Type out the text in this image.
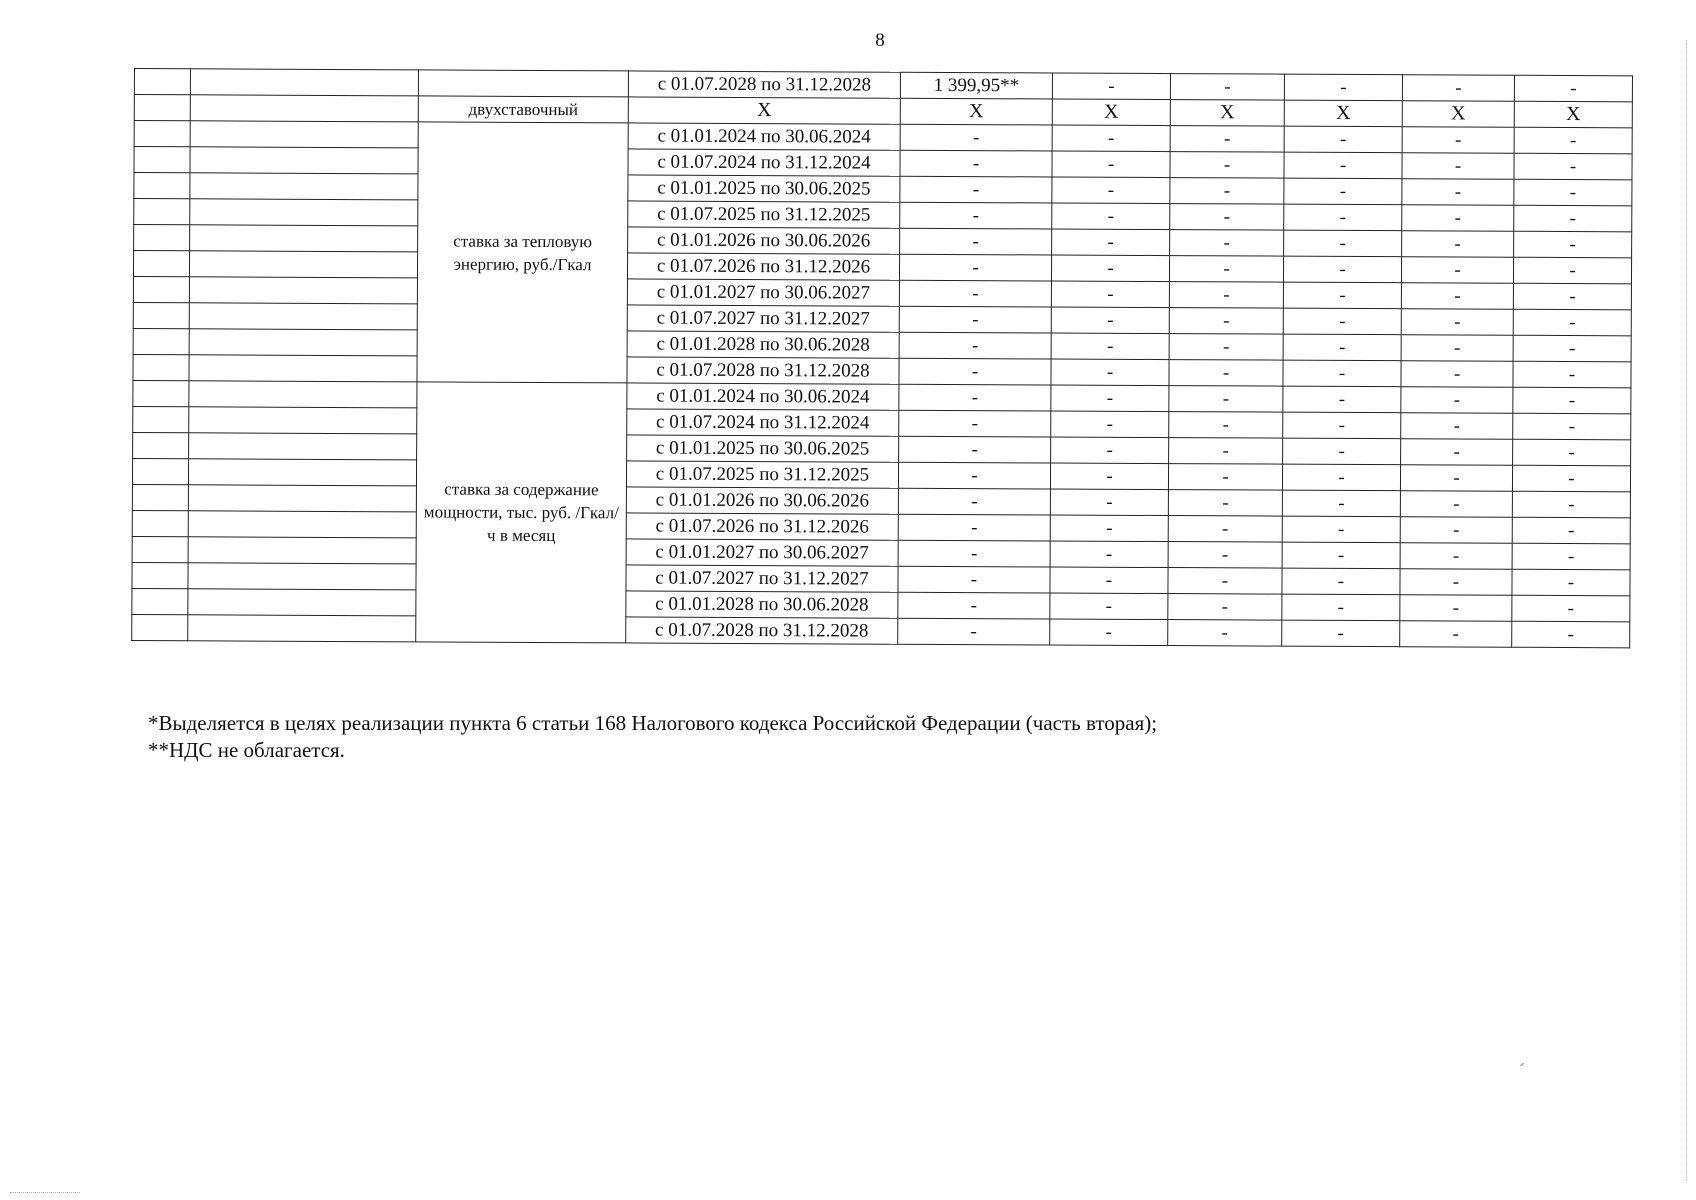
8
			с 01.07.2028 по 31.12.2028	1 399,95**	-	-	-	-	-
		двухставочный	Х	Х	Х	Х	Х	Х	Х
		ставка за тепловую энергию, руб./Гкал	с 01.01.2024 по 30.06.2024	-	-	-	-	-	-
			с 01.07.2024 по 31.12.2024	-	-	-	-	-	-
			с 01.01.2025 по 30.06.2025	-	-	-	-	-	-
			с 01.07.2025 по 31.12.2025	-	-	-	-	-	-
			с 01.01.2026 по 30.06.2026	-	-	-	-	-	-
			с 01.07.2026 по 31.12.2026	-	-	-	-	-	-
			с 01.01.2027 по 30.06.2027	-	-	-	-	-	-
			с 01.07.2027 по 31.12.2027	-	-	-	-	-	-
			с 01.01.2028 по 30.06.2028	-	-	-	-	-	-
			с 01.07.2028 по 31.12.2028	-	-	-	-	-	-
		ставка за содержание мощности, тыс. руб. /Гкал/ч в месяц	с 01.01.2024 по 30.06.2024	-	-	-	-	-	-
			с 01.07.2024 по 31.12.2024	-	-	-	-	-	-
			с 01.01.2025 по 30.06.2025	-	-	-	-	-	-
			с 01.07.2025 по 31.12.2025	-	-	-	-	-	-
			с 01.01.2026 по 30.06.2026	-	-	-	-	-	-
			с 01.07.2026 по 31.12.2026	-	-	-	-	-	-
			с 01.01.2027 по 30.06.2027	-	-	-	-	-	-
			с 01.07.2027 по 31.12.2027	-	-	-	-	-	-
			с 01.01.2028 по 30.06.2028	-	-	-	-	-	-
			с 01.07.2028 по 31.12.2028	-	-	-	-	-	-
*Выделяется в целях реализации пункта 6 статьи 168 Налогового кодекса Российской Федерации (часть вторая);
**НДС не облагается.
